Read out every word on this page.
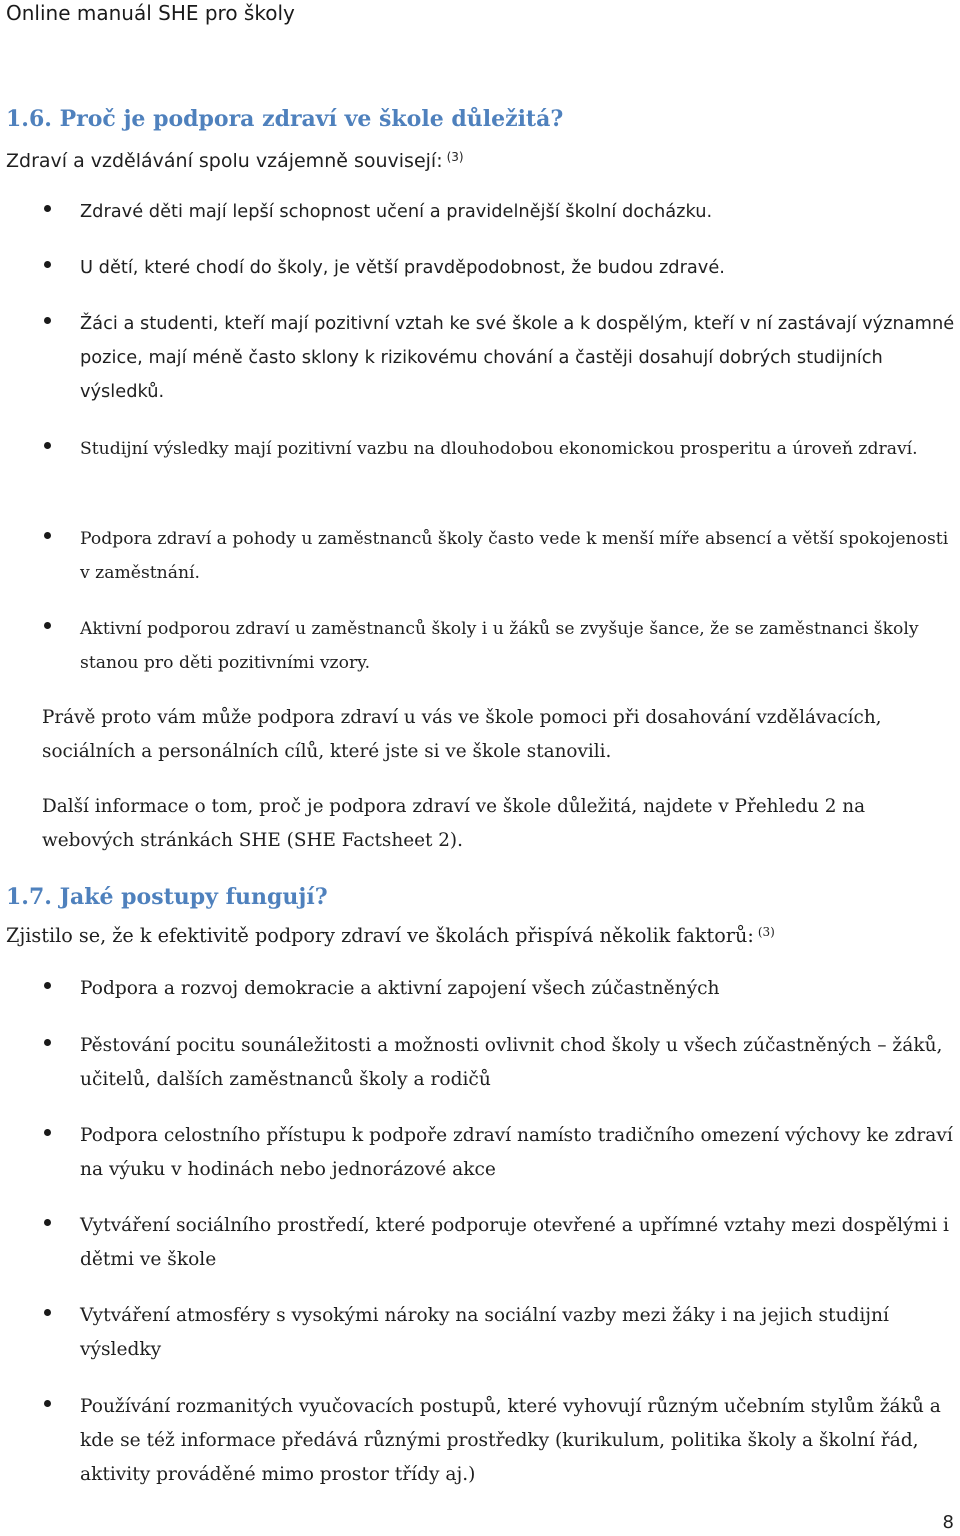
Online manuál SHE pro školy
1.6. Proč je podpora zdraví ve škole důležitá?

Zdraví a vzdělávání spolu vzájemně souvisejí: $^{(3)}$

Zdravé děti mají lepší schopnost učení a pravidelnější školní docházku.
U dětí, které chodí do školy, je větší pravděpodobnost, že budou zdravé.
Žáci a studenti, kteří mají pozitivní vztah ke své škole a k dospělým, kteří v ní zastávají významné pozice, mají méně často sklony k rizikovému chování a častěji dosahují dobrých studijních výsledků.
Studijní výsledky mají pozitivní vazbu na dlouhodobou ekonomickou prosperitu a úroveň zdraví.
Podpora zdraví a pohody u zaměstnanců školy často vede k menší míře absencí a větší spokojenosti v zaměstnání.
Aktivní podporou zdraví u zaměstnanců školy i u žáků se zvyšuje šance, že se zaměstnanci školy stanou pro děti pozitivními vzory.

Právě proto vám může podpora zdraví u vás ve škole pomoci při dosahování vzdělávacích, sociálních a personálních cílů, které jste si ve škole stanovili.

Další informace o tom, proč je podpora zdraví ve škole důležitá, najdete v Přehledu 2 na webových stránkách SHE (SHE Factsheet 2).

1.7. Jaké postupy fungují?

Zjistilo se, že k efektivitě podpory zdraví ve školách přispívá několik faktorů: $^{(3)}$

Podpora a rozvoj demokracie a aktivní zapojení všech zúčastněných
Pěstování pocitu sounáležitosti a možnosti ovlivnit chod školy u všech zúčastněných – žáků, učitelů, dalších zaměstnanců školy a rodičů
Podpora celostního přístupu k podpoře zdraví namísto tradičního omezení výchovy ke zdraví na výuku v hodinách nebo jednorázové akce
Vytváření sociálního prostředí, které podporuje otevřené a upřímné vztahy mezi dospělými i dětmi ve škole
Vytváření atmosféry s vysokými nároky na sociální vazby mezi žáky i na jejich studijní výsledky
Používání rozmanitých vyučovacích postupů, které vyhovují různým učebním stylům žáků a kde se též informace předává různými prostředky (kurikulum, politika školy a školní řád, aktivity prováděné mimo prostor třídy aj.)
8
